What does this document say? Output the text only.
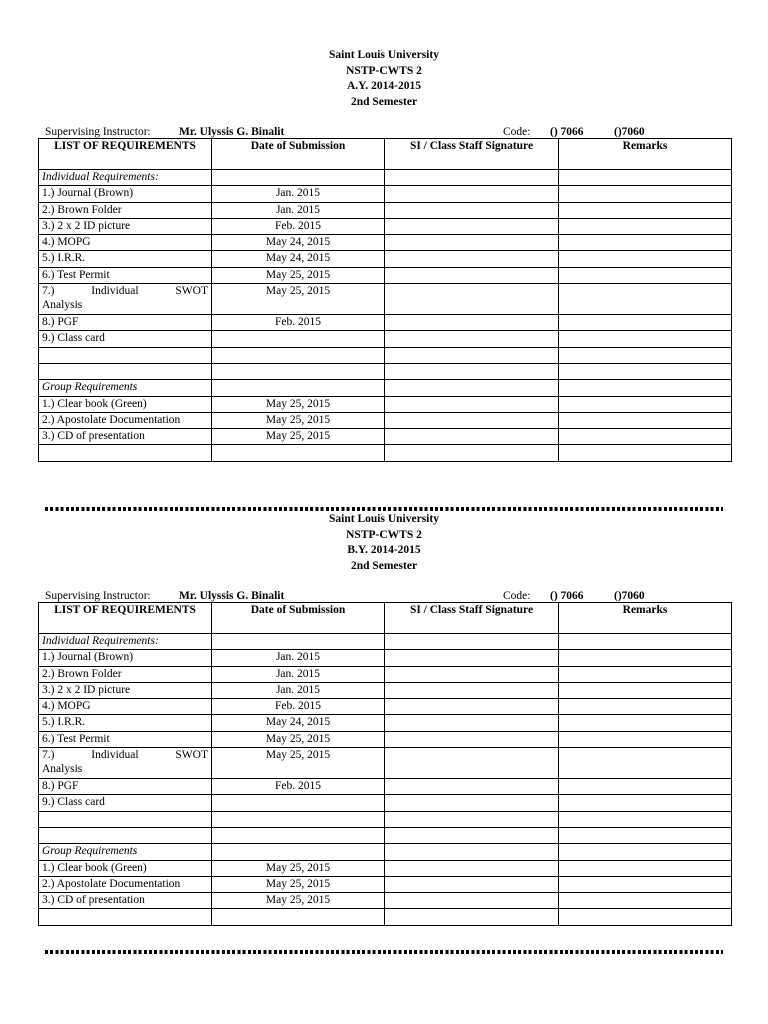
Saint Louis University
NSTP-CWTS 2
A.Y. 2014-2015
2nd Semester
Supervising Instructor: Mr. Ulyssis G. Binalit	Code: () 7066	()7060
LIST OF REQUIREMENTS	Date of Submission	SI / Class Staff Signature	Remarks
Individual Requirements:			
1.) Journal (Brown)	Jan. 2015		
2.) Brown Folder	Jan. 2015		
3.) 2 x 2 ID picture	Feb. 2015		
4.) MOPG	May 24, 2015		
5.) I.R.R.	May 24, 2015		
6.) Test Permit	May 25, 2015		

7.) Individual SWOT
Analysis	May 25, 2015		
8.) PGF	Feb. 2015		
9.) Class card			

Group Requirements			
1.) Clear book (Green)	May 25, 2015		
2.) Apostolate Documentation	May 25, 2015		
3.) CD of presentation	May 25, 2015		

Saint Louis University
NSTP-CWTS 2
B.Y. 2014-2015
2nd Semester
Supervising Instructor: Mr. Ulyssis G. Binalit	Code: () 7066	()7060
LIST OF REQUIREMENTS	Date of Submission	SI / Class Staff Signature	Remarks
Individual Requirements:			
1.) Journal (Brown)	Jan. 2015		
2.) Brown Folder	Jan. 2015		
3.) 2 x 2 ID picture	Jan. 2015		
4.) MOPG	Feb. 2015		
5.) I.R.R.	May 24, 2015		
6.) Test Permit	May 25, 2015		

7.) Individual SWOT
Analysis	May 25, 2015		
8.) PGF	Feb. 2015		
9.) Class card			

Group Requirements			
1.) Clear book (Green)	May 25, 2015		
2.) Apostolate Documentation	May 25, 2015		
3.) CD of presentation	May 25, 2015		
